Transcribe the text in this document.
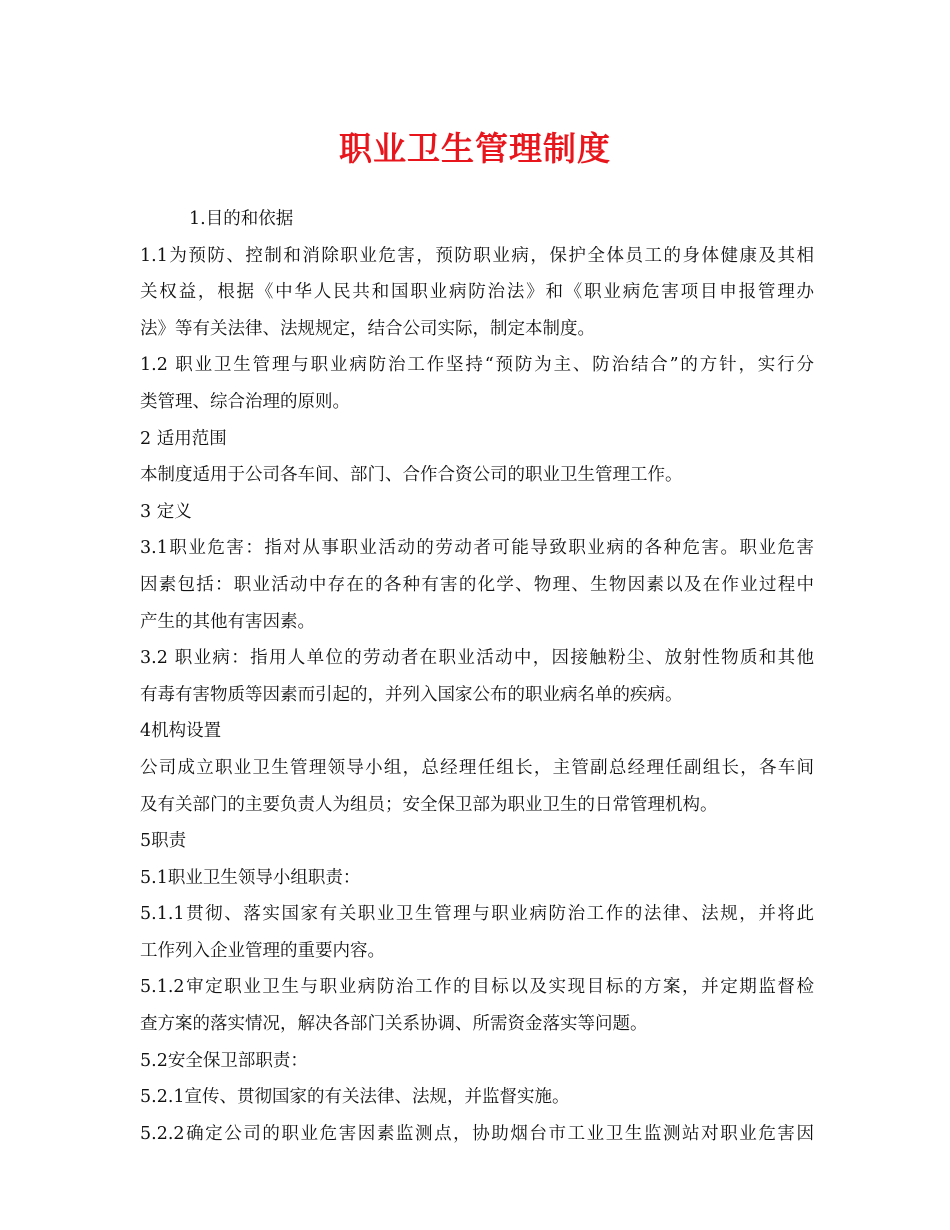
职业卫生管理制度
1.目的和依据
1.1为预防、控制和消除职业危害，预防职业病，保护全体员工的身体健康及其相
关权益，根据《中华人民共和国职业病防治法》和《职业病危害项目申报管理办
法》等有关法律、法规规定，结合公司实际，制定本制度。
1.2 职业卫生管理与职业病防治工作坚持“预防为主、防治结合”的方针，实行分
类管理、综合治理的原则。
2 适用范围
本制度适用于公司各车间、部门、合作合资公司的职业卫生管理工作。
3 定义
3.1职业危害：指对从事职业活动的劳动者可能导致职业病的各种危害。职业危害
因素包括：职业活动中存在的各种有害的化学、物理、生物因素以及在作业过程中
产生的其他有害因素。
3.2 职业病：指用人单位的劳动者在职业活动中，因接触粉尘、放射性物质和其他
有毒有害物质等因素而引起的，并列入国家公布的职业病名单的疾病。
4机构设置
公司成立职业卫生管理领导小组，总经理任组长，主管副总经理任副组长，各车间
及有关部门的主要负责人为组员；安全保卫部为职业卫生的日常管理机构。
5职责
5.1职业卫生领导小组职责：
5.1.1贯彻、落实国家有关职业卫生管理与职业病防治工作的法律、法规，并将此
工作列入企业管理的重要内容。
5.1.2审定职业卫生与职业病防治工作的目标以及实现目标的方案，并定期监督检
查方案的落实情况，解决各部门关系协调、所需资金落实等问题。
5.2安全保卫部职责：
5.2.1宣传、贯彻国家的有关法律、法规，并监督实施。
5.2.2确定公司的职业危害因素监测点，协助烟台市工业卫生监测站对职业危害因
